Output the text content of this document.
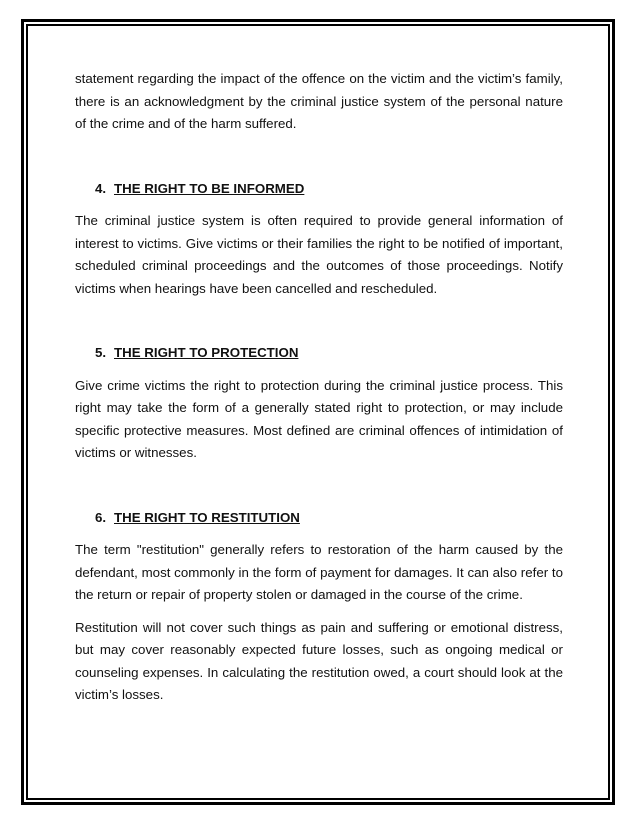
statement regarding the impact of the offence on the victim and the victim’s family, there is an acknowledgment by the criminal justice system of the personal nature of the crime and of the harm suffered.

4. THE RIGHT TO BE INFORMED

The criminal justice system is often required to provide general information of interest to victims. Give victims or their families the right to be notified of important, scheduled criminal proceedings and the outcomes of those proceedings. Notify victims when hearings have been cancelled and rescheduled.

5. THE RIGHT TO PROTECTION

Give crime victims the right to protection during the criminal justice process. This right may take the form of a generally stated right to protection, or may include specific protective measures. Most defined are criminal offences of intimidation of victims or witnesses.

6. THE RIGHT TO RESTITUTION

The term "restitution" generally refers to restoration of the harm caused by the defendant, most commonly in the form of payment for damages. It can also refer to the return or repair of property stolen or damaged in the course of the crime.

Restitution will not cover such things as pain and suffering or emotional distress, but may cover reasonably expected future losses, such as ongoing medical or counseling expenses. In calculating the restitution owed, a court should look at the victim’s losses.
